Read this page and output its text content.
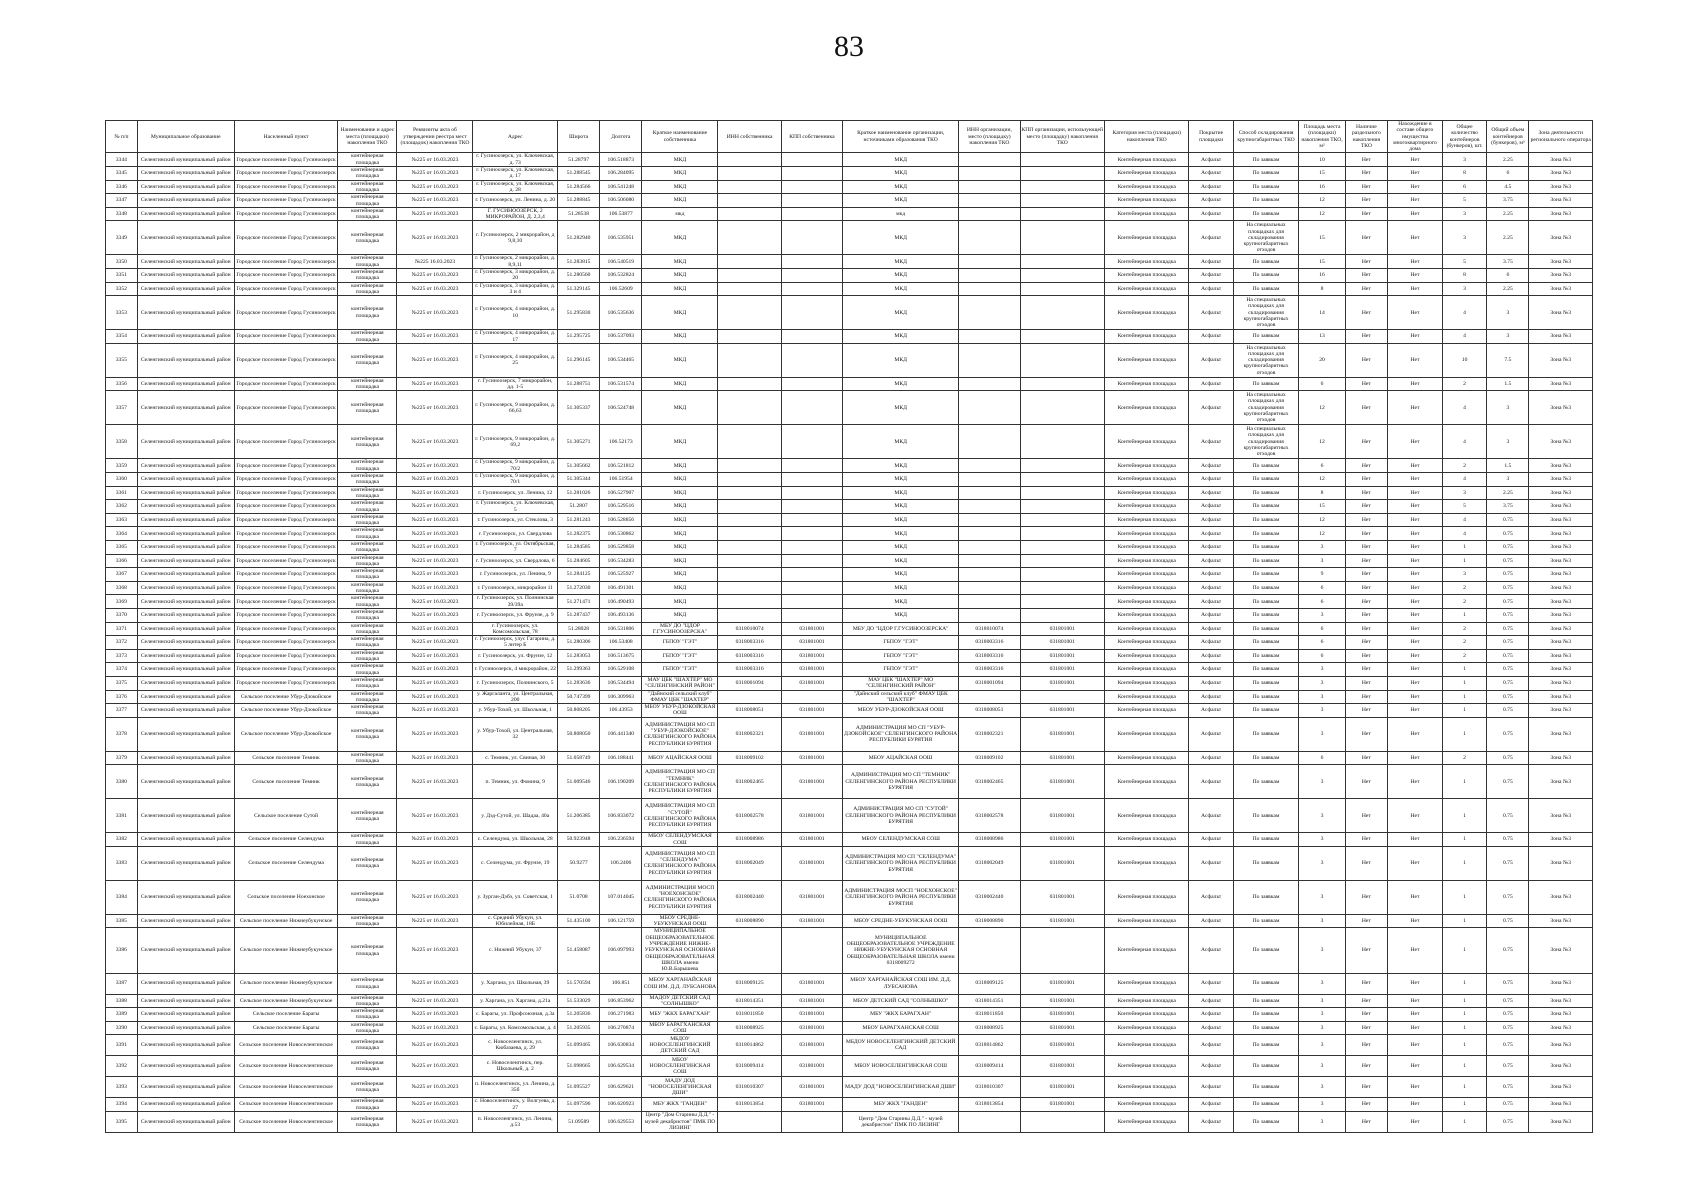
83
№ п/п	Муниципальное образование	Населенный пункт	Наименование и адрес места (площадки) накопления ТКО	Реквизиты акта об утверждении реестра мест (площадок) накопления ТКО	Адрес	Широта	Долгота	Краткое наименование собственника	ИНН собственника	КПП собственника	Краткое наименование организации, источниками образования ТКО	ИНН организации, место (площадку) накопления ТКО	КПП организации, использующей место (площадку) накопления ТКО	Категория места (площадки) накопления ТКО	Покрытие площадки	Способ складирования крупногабаритных ТКО	Площадь места (площадки) накопления ТКО, м²	Наличие раздельного накопления ТКО	Нахождение в составе общего имущества многоквартирного дома	Общее количество контейнеров (бункеров), шт.	Общий объем контейнеров (бункеров), м³	Зона деятельности регионального оператора
3344	Селенгинский муниципальный район	Городское поселение Город Гусиноозерск	контейнерная площадка	№225 от 16.03.2023	г. Гусиноозерск, ул. Ключевская, д. 73	51.28797	106.518873	МКД			МКД			Контейнерная площадка	Асфальт	По заявкам	10	Нет	Нет	3	2.25	Зона №3
3345	Селенгинский муниципальный район	Городское поселение Город Гусиноозерск	контейнерная площадка	№225 от 16.03.2023	г. Гусиноозерск, ул. Ключевская, д. 17	51.288545	106.284095	МКД			МКД			Контейнерная площадка	Асфальт	По заявкам	15	Нет	Нет	8	6	Зона №3
3346	Селенгинский муниципальный район	Городское поселение Город Гусиноозерск	контейнерная площадка	№225 от 16.03.2023	г. Гусиноозерск, ул. Ключевская, д. 28	51.284566	106.541248	МКД			МКД			Контейнерная площадка	Асфальт	По заявкам	16	Нет	Нет	6	4.5	Зона №3
3347	Селенгинский муниципальный район	Городское поселение Город Гусиноозерск	контейнерная площадка	№225 от 16.03.2023	г. Гусиноозерск, ул. Ленина, д. 20	51.288845	106.506080	МКД			МКД			Контейнерная площадка	Асфальт	По заявкам	12	Нет	Нет	5	3.75	Зона №3
3348	Селенгинский муниципальный район	Городское поселение Город Гусиноозерск	контейнерная площадка	№225 от 16.03.2023	Г. ГУСИНООЗЕРСК, 2 МИКРОРАЙОН, Д. 2,3,4	51.28538	106.53877	мкд			мкд			Контейнерная площадка	Асфальт	По заявкам	12	Нет	Нет	3	2.25	Зона №3
3349	Селенгинский муниципальный район	Городское поселение Город Гусиноозерск	контейнерная площадка	№225 от 16.03.2023	г. Гусиноозерск, 2 микрорайон, д 9,8,10	51.282940	106.535951	МКД			МКД			Контейнерная площадка	Асфальт	На специальных площадках для складирования крупногабаритных отходов	15	Нет	Нет	3	2.25	Зона №3
3350	Селенгинский муниципальный район	Городское поселение Город Гусиноозерск	контейнерная площадка	№225 16.03.2023	г. Гусиноозерск, 2 микрорайон, д. 8,9,11	51.283815	106.540519	МКД			МКД			Контейнерная площадка	Асфальт	По заявкам	15	Нет	Нет	5	3.75	Зона №3
3351	Селенгинский муниципальный район	Городское поселение Город Гусиноозерск	контейнерная площадка	№225 от 16.03.2023	г. Гусиноозерск, 3 микрорайон, д. 20	51.280560	106.532824	МКД			МКД			Контейнерная площадка	Асфальт	По заявкам	16	Нет	Нет	8	6	Зона №3
3352	Селенгинский муниципальный район	Городское поселение Город Гусиноозерск	контейнерная площадка	№225 от 16.03.2023	г. Гусиноозерск, 3 микрорайон, д. 3 и 4	51.329145	106.52609	МКД			МКД			Контейнерная площадка	Асфальт	По заявкам	8	Нет	Нет	3	2.25	Зона №3
3353	Селенгинский муниципальный район	Городское поселение Город Гусиноозерск	контейнерная площадка	№225 от 16.03.2023	г. Гусиноозерск, 4 микрорайон, д. 10	51.295830	106.535636	МКД			МКД			Контейнерная площадка	Асфальт	На специальных площадках для складирования крупногабаритных отходов	14	Нет	Нет	4	3	Зона №3
3354	Селенгинский муниципальный район	Городское поселение Город Гусиноозерск	контейнерная площадка	№225 от 16.03.2023	г. Гусиноозерск, 4 микрорайон, д. 17	51.295725	106.537093	МКД			МКД			Контейнерная площадка	Асфальт	По заявкам	13	Нет	Нет	4	3	Зона №3
3355	Селенгинский муниципальный район	Городское поселение Город Гусиноозерск	контейнерная площадка	№225 от 16.03.2023	г. Гусиноозерск, 4 микрорайон, д. 25	51.296145	106.534465	МКД			МКД			Контейнерная площадка	Асфальт	На специальных площадках для складирования крупногабаритных отходов	20	Нет	Нет	10	7.5	Зона №3
3356	Селенгинский муниципальный район	Городское поселение Город Гусиноозерск	контейнерная площадка	№225 от 16.03.2023	г. Гусиноозерск, 7 микрорайон, дд. 1-5	51.288751	106.531574	МКД			МКД			Контейнерная площадка	Асфальт	По заявкам	6	Нет	Нет	2	1.5	Зона №3
3357	Селенгинский муниципальный район	Городское поселение Город Гусиноозерск	контейнерная площадка	№225 от 16.03.2023	г. Гусиноозерск, 9 микрорайон, д. 66,63	51.305337	106.524748	МКД			МКД			Контейнерная площадка	Асфальт	На специальных площадках для складирования крупногабаритных отходов	12	Нет	Нет	4	3	Зона №3
3358	Селенгинский муниципальный район	Городское поселение Город Гусиноозерск	контейнерная площадка	№225 от 16.03.2023	г. Гусиноозерск, 9 микрорайон, д. 69,2	51.305271	106.52173	МКД			МКД			Контейнерная площадка	Асфальт	На специальных площадках для складирования крупногабаритных отходов	12	Нет	Нет	4	3	Зона №3
3359	Селенгинский муниципальный район	Городское поселение Город Гусиноозерск	контейнерная площадка	№225 от 16.03.2023	г. Гусиноозерск, 9 микрорайон, д. 70/2	51.305662	106.521812	МКД			МКД			Контейнерная площадка	Асфальт	По заявкам	6	Нет	Нет	2	1.5	Зона №3
3360	Селенгинский муниципальный район	Городское поселение Город Гусиноозерск	контейнерная площадка	№225 от 16.03.2023	г. Гусиноозерск, 9 микрорайон, д. 70/1	51.305344	106.51954	МКД			МКД			Контейнерная площадка	Асфальт	По заявкам	12	Нет	Нет	4	3	Зона №3
3361	Селенгинский муниципальный район	Городское поселение Город Гусиноозерск	контейнерная площадка	№225 от 16.03.2023	г. Гусиноозерск, ул. Ленина, 12	51.281026	106.527907	МКД			МКД			Контейнерная площадка	Асфальт	По заявкам	8	Нет	Нет	3	2.25	Зона №3
3362	Селенгинский муниципальный район	Городское поселение Город Гусиноозерск	контейнерная площадка	№225 от 16.03.2023	г. Гусиноозерск, ул. Ключевская, 5	51.2807	106.529516	МКД			МКД			Контейнерная площадка	Асфальт	По заявкам	15	Нет	Нет	5	3.75	Зона №3
3363	Селенгинский муниципальный район	Городское поселение Город Гусиноозерск	контейнерная площадка	№225 от 16.03.2023	г. Гусиноозерск, ул. Стеклова, 3	51.281243	106.528856	МКД			МКД			Контейнерная площадка	Асфальт	По заявкам	12	Нет	Нет	4	0.75	Зона №3
3364	Селенгинский муниципальный район	Городское поселение Город Гусиноозерск	контейнерная площадка	№225 от 16.03.2023	г. Гусиноозерск, ул. Свердлова	51.282375	106.530862	МКД			МКД			Контейнерная площадка	Асфальт	По заявкам	12	Нет	Нет	4	0.75	Зона №3
3365	Селенгинский муниципальный район	Городское поселение Город Гусиноозерск	контейнерная площадка	№225 от 16.03.2023	г. Гусиноозерск, ул. Октябрьская, 7	51.284585	106.529858	МКД			МКД			Контейнерная площадка	Асфальт	По заявкам	3	Нет	Нет	1	0.75	Зона №3
3366	Селенгинский муниципальный район	Городское поселение Город Гусиноозерск	контейнерная площадка	№225 от 16.03.2023	г. Гусиноозерск, ул. Свердлова, 6	51.284605	106.534283	МКД			МКД			Контейнерная площадка	Асфальт	По заявкам	3	Нет	Нет	1	0.75	Зона №3
3367	Селенгинский муниципальный район	Городское поселение Город Гусиноозерск	контейнерная площадка	№225 от 16.03.2023	г. Гусиноозерск, ул. Ленина, 9	51.284125	106.525927	МКД			МКД			Контейнерная площадка	Асфальт	По заявкам	9	Нет	Нет	3	0.75	Зона №3
3368	Селенгинский муниципальный район	Городское поселение Город Гусиноозерск	контейнерная площадка	№225 от 16.03.2023	г. Гусиноозерск, микрорайон 11	51.272030	106.491301	МКД			МКД			Контейнерная площадка	Асфальт	По заявкам	6	Нет	Нет	2	0.75	Зона №3
3369	Селенгинский муниципальный район	Городское поселение Город Гусиноозерск	контейнерная площадка	№225 от 16.03.2023	г. Гусиноозерск, ул. Полнинская 39/39а	51.271471	106.490493	МКД			МКД			Контейнерная площадка	Асфальт	По заявкам	6	Нет	Нет	2	0.75	Зона №3
3370	Селенгинский муниципальный район	Городское поселение Город Гусиноозерск	контейнерная площадка	№225 от 16.03.2023	г. Гусиноозерск, ул. Фрунзе, д. 9	51.287437	106.493136	МКД			МКД			Контейнерная площадка	Асфальт	По заявкам	3	Нет	Нет	1	0.75	Зона №3
3371	Селенгинский муниципальный район	Городское поселение Город Гусиноозерск	контейнерная площадка	№225 от 16.03.2023	г. Гусиноозерск, ул. Комсомольская, 78	51.28028	106.531806	МБУ ДО "ЦДОР Г.ГУСИНООЗЕРСКА"	0318010074	031801001	МБУ ДО "ЦДОР Г.ГУСИНООЗЕРСКА"	0318010074	031801001	Контейнерная площадка	Асфальт	По заявкам	6	Нет	Нет	2	0.75	Зона №3
3372	Селенгинский муниципальный район	Городское поселение Город Гусиноозерск	контейнерная площадка	№225 от 16.03.2023	г. Гусиноозерск, улус Гагарина, д. 5 литер Б	51.280306	106.53408	ГБПОУ "ГЭТ"	0318003316	031801001	ГБПОУ "ГЭТ"	0318003316	031801001	Контейнерная площадка	Асфальт	По заявкам	6	Нет	Нет	2	0.75	Зона №3
3373	Селенгинский муниципальный район	Городское поселение Город Гусиноозерск	контейнерная площадка	№225 от 16.03.2023	г. Гусиноозерск, ул. Фрунзе, 12	51.283053	106.513675	ГБПОУ "ГЭТ"	0318003316	031801001	ГБПОУ "ГЭТ"	0318003316	031801001	Контейнерная площадка	Асфальт	По заявкам	6	Нет	Нет	2	0.75	Зона №3
3374	Селенгинский муниципальный район	Городское поселение Город Гусиноозерск	контейнерная площадка	№225 от 16.03.2023	г. Гусиноозерск, 4 микрорайон, 22	51.299363	106.529108	ГБПОУ "ГЭТ"	0318003316	031801001	ГБПОУ "ГЭТ"	0318003316	031801001	Контейнерная площадка	Асфальт	По заявкам	3	Нет	Нет	1	0.75	Зона №3
3375	Селенгинский муниципальный район	Городское поселение Город Гусиноозерск	контейнерная площадка	№225 от 16.03.2023	г. Гусиноозерск, Полнинского, 5	51.283636	106.534494	МАУ ЦБК "ШАХТЕР" МО "СЕЛЕНГИНСКИЙ РАЙОН"	0318001094	031801001	МАУ ЦБК "ШАХТЕР" МО "СЕЛЕНГИНСКИЙ РАЙОН"	0318001094	031801001	Контейнерная площадка	Асфальт	По заявкам	3	Нет	Нет	1	0.75	Зона №3
3376	Селенгинский муниципальный район	Сельское поселение Убур-Дзокойское	контейнерная площадка	№225 от 16.03.2023	у. Жаргаланта, ул. Центральная, 200	50.747399	106.309963	"Дайнский сельский клуб" ФМАУ ЦБК "ШАХТЕР"			"Дайнский сельский клуб" ФМАУ ЦБК "ШАХТЕР"			Контейнерная площадка	Асфальт	По заявкам	3	Нет	Нет	1	0.75	Зона №3
3377	Селенгинский муниципальный район	Сельское поселение Убур-Дзокойское	контейнерная площадка	№225 от 16.03.2023	у. Убур-Тохой, ул. Школьная, 1	50.808205	106.43953	МБОУ УБУР-ДЗОКОЙСКАЯ ООШ	0318008051	031801001	МБОУ УБУР-ДЗОКОЙСКАЯ ООШ	0318008051	031801001	Контейнерная площадка	Асфальт	По заявкам	3	Нет	Нет	1	0.75	Зона №3
3378	Селенгинский муниципальный район	Сельское поселение Убур-Дзокойское	контейнерная площадка	№225 от 16.03.2023	у. Убур-Тохой, ул. Центральная, 32	50.808050	106.441340	АДМИНИСТРАЦИЯ МО СП "УБУР-ДЗОКОЙСКОЕ" СЕЛЕНГИНСКОГО РАЙОНА РЕСПУБЛИКИ БУРЯТИЯ	0318002321	031801001	АДМИНИСТРАЦИЯ МО СП "УБУР-ДЗОКОЙСКОЕ" СЕЛЕНГИНСКОГО РАЙОНА РЕСПУБЛИКИ БУРЯТИЯ	0318002321	031801001	Контейнерная площадка	Асфальт	По заявкам	3	Нет	Нет	1	0.75	Зона №3
3379	Селенгинский муниципальный район	Сельское поселение Темник	контейнерная площадка	№225 от 16.03.2023	с. Темник, ул. Свиная, 30	51.058749	106.188441	МБОУ АЦАЙСКАЯ ООШ	0318009102	031801001	МБОУ АЦАЙСКАЯ ООШ	0318009102	031801001	Контейнерная площадка	Асфальт	По заявкам	6	Нет	Нет	2	0.75	Зона №3
3380	Селенгинский муниципальный район	Сельское поселение Темник	контейнерная площадка	№225 от 16.03.2023	п. Темник, ул. Фомина, 9	51.009546	106.190209	АДМИНИСТРАЦИЯ МО СП "ТЕМНИК" СЕЛЕНГИНСКОГО РАЙОНА РЕСПУБЛИКИ БУРЯТИЯ	0318002465	031801001	АДМИНИСТРАЦИЯ МО СП "ТЕМНИК" СЕЛЕНГИНСКОГО РАЙОНА РЕСПУБЛИКИ БУРЯТИЯ	0318002465	031801001	Контейнерная площадка	Асфальт	По заявкам	3	Нет	Нет	1	0.75	Зона №3
3381	Селенгинский муниципальный район	Сельское поселение Сутой	контейнерная площадка	№225 от 16.03.2023	у. Дэд-Сутой, ул. Шадаа, 40а	51.206385	106.833072	АДМИНИСТРАЦИЯ МО СП "СУТОЙ" СЕЛЕНГИНСКОГО РАЙОНА РЕСПУБЛИКИ БУРЯТИЯ	0318002578	031801001	АДМИНИСТРАЦИЯ МО СП "СУТОЙ" СЕЛЕНГИНСКОГО РАЙОНА РЕСПУБЛИКИ БУРЯТИЯ	0318002578	031801001	Контейнерная площадка	Асфальт	По заявкам	3	Нет	Нет	1	0.75	Зона №3
3382	Селенгинский муниципальный район	Сельское поселение Селендума	контейнерная площадка	№225 от 16.03.2023	с. Селендума, ул. Школьная, 28	50.923948	106.236594	МБОУ СЕЛЕНДУМСКАЯ СОШ	0318008986	031801001	МБОУ СЕЛЕНДУМСКАЯ СОШ	0318008986	031801001	Контейнерная площадка	Асфальт	По заявкам	3	Нет	Нет	1	0.75	Зона №3
3383	Селенгинский муниципальный район	Сельское поселение Селендума	контейнерная площадка	№225 от 16.03.2023	с. Селендума, ул. Фрунзе, 19	50.9277	106.2406	АДМИНИСТРАЦИЯ МО СП "СЕЛЕНДУМА" СЕЛЕНГИНСКОГО РАЙОНА РЕСПУБЛИКИ БУРЯТИЯ	0318002049	031801001	АДМИНИСТРАЦИЯ МО СП "СЕЛЕНДУМА" СЕЛЕНГИНСКОГО РАЙОНА РЕСПУБЛИКИ БУРЯТИЯ	0318002049	031801001	Контейнерная площадка	Асфальт	По заявкам	3	Нет	Нет	1	0.75	Зона №3
3384	Селенгинский муниципальный район	Сельское поселение Ноехонское	контейнерная площадка	№225 от 16.03.2023	у. Зурган-Дэбэ, ул. Советская, 1	51.0708	107.014045	АДМИНИСТРАЦИЯ МОСП "НОЕХОНСКОЕ" СЕЛЕНГИНСКОГО РАЙОНА РЕСПУБЛИКИ БУРЯТИЯ	0318002440	031801001	АДМИНИСТРАЦИЯ МОСП "НОЕХОНСКОЕ" СЕЛЕНГИНСКОГО РАЙОНА РЕСПУБЛИКИ БУРЯТИЯ	0318002440	031801001	Контейнерная площадка	Асфальт	По заявкам	3	Нет	Нет	1	0.75	Зона №3
3385	Селенгинский муниципальный район	Сельское поселение Нижнеубукунское	контейнерная площадка	№225 от 16.03.2023	с. Средний Убукун, ул. Юбилейная, 18Б	51.435100	106.121759	МБОУ СРЕДНЕ-УБУКУНСКАЯ ООШ	0318008890	031801001	МБОУ СРЕДНЕ-УБУКУНСКАЯ ООШ	0318008890	031801001	Контейнерная площадка	Асфальт	По заявкам	3	Нет	Нет	1	0.75	Зона №3
3386	Селенгинский муниципальный район	Сельское поселение Нижнеубукунское	контейнерная площадка	№225 от 16.03.2023	с. Нижний Убукун, 37	51.458087	106.097993	МУНИЦИПАЛЬНОЕ ОБЩЕОБРАЗОВАТЕЛЬНОЕ УЧРЕЖДЕНИЕ НИЖНЕ-УБУКУНСКАЯ ОСНОВНАЯ ОБЩЕОБРАЗОВАТЕЛЬНАЯ ШКОЛА имени Ю.В.Барышева			МУНИЦИПАЛЬНОЕ ОБЩЕОБРАЗОВАТЕЛЬНОЕ УЧРЕЖДЕНИЕ НИЖНЕ-УБУКУНСКАЯ ОСНОВНАЯ ОБЩЕОБРАЗОВАТЕЛЬНАЯ ШКОЛА имени 0318009272			Контейнерная площадка	Асфальт	По заявкам	3	Нет	Нет	1	0.75	Зона №3
3387	Селенгинский муниципальный район	Сельское поселение Нижнеубукунское	контейнерная площадка	№225 от 16.03.2023	у. Харгана, ул. Школьная, 39	51.570594	106.851	МБОУ ХАРГАНАЙСКАЯ СОШ ИМ. Д.Д. ЛУБСАНОВА	0318009125	031801001	МБОУ ХАРГАНАЙСКАЯ СОШ ИМ. Д.Д. ЛУБСАНОВА	0318009125	031801001	Контейнерная площадка	Асфальт	По заявкам	3	Нет	Нет	1	0.75	Зона №3
3388	Селенгинский муниципальный район	Сельское поселение Нижнеубукунское	контейнерная площадка	№225 от 16.03.2023	у. Харгана, ул. Харгана, д.21а	51.533029	106.853962	МАДОУ ДЕТСКИЙ САД "СОЛНЫШКО"	0318014351	031801001	МБОУ ДЕТСКИЙ САД "СОЛНЫШКО"	0318014351	031801001	Контейнерная площадка	Асфальт	По заявкам	3	Нет	Нет	1	0.75	Зона №3
3389	Селенгинский муниципальный район	Сельское поселение Барагы	контейнерная площадка	№225 от 16.03.2023	с. Барагы, ул. Профсоюзная, д.3а	51.205836	106.271983	МБУ "ЖКХ БАРАГХАН"	0318011850	031801001	МБУ "ЖКХ БАРАГХАН"	0318011850	031801001	Контейнерная площадка	Асфальт	По заявкам	3	Нет	Нет	1	0.75	Зона №3
3390	Селенгинский муниципальный район	Сельское поселение Барагы	контейнерная площадка	№225 от 16.03.2023	с. Барагы, ул. Комсомольская, д. 4	51.205935	106.270874	МБОУ БАРАГХАНСКАЯ СОШ	0318008925	031801001	МБОУ БАРАГХАНСКАЯ СОШ	0318008925	031801001	Контейнерная площадка	Асфальт	По заявкам	3	Нет	Нет	1	0.75	Зона №3
3391	Селенгинский муниципальный район	Сельское поселение Новоселенгинское	контейнерная площадка	№225 от 16.03.2023	с. Новоселенгинск, ул. Кюбазаева, д. 29	51.099465	106.630834	МБДОУ НОВОСЕЛЕНГИНСКИЙ ДЕТСКИЙ САД	0318014862	031801001	МБДОУ НОВОСЕЛЕНГИНСКИЙ ДЕТСКИЙ САД	0318014862	031801001	Контейнерная площадка	Асфальт	По заявкам	3	Нет	Нет	1	0.75	Зона №3
3392	Селенгинский муниципальный район	Сельское поселение Новоселенгинское	контейнерная площадка	№225 от 16.03.2023	с. Новоселенгинск, пер. Школьный, д. 2	51.098665	106.629534	МБОУ НОВОСЕЛЕНГИНСКАЯ СОШ	0318009414	031801001	МБОУ НОВОСЕЛЕНГИНСКАЯ СОШ	0318009414	031801001	Контейнерная площадка	Асфальт	По заявкам	3	Нет	Нет	1	0.75	Зона №3
3393	Селенгинский муниципальный район	Сельское поселение Новоселенгинское	контейнерная площадка	№225 от 16.03.2023	п. Новоселенгинск, ул. Ленина, д. 35б	51.095527	106.629621	МАДУ ДОД "НОВОСЕЛЕНГИНСКАЯ ДШИ"	0318010307	031801001	МАДУ ДОД "НОВОСЕЛЕНГИНСКАЯ ДШИ"	0318010307	031801001	Контейнерная площадка	Асфальт	По заявкам	3	Нет	Нет	1	0.75	Зона №3
3394	Селенгинский муниципальный район	Сельское поселение Новоселенгинское	контейнерная площадка	№225 от 16.03.2023	с. Новоселенгинск, у. Волгуева, д. 27	51.097596	106.620923	МБУ ЖКХ "ГАНДЕН"	0318013854	031801001	МБУ ЖКХ "ГАНДЕН"	0318013854	031801001	Контейнерная площадка	Асфальт	По заявкам	3	Нет	Нет	1	0.75	Зона №3
3395	Селенгинский муниципальный район	Сельское поселение Новоселенгинское	контейнерная площадка	№225 от 16.03.2023	п. Новоселенгинск, ул. Ленина, д.53	51.09589	106.629553	Центр "Дом Старины Д.Д." - музей декабристов" ПМК ПО ЛИЗИНГ			Центр "Дом Старины Д.Д." - музей декабристов" ПМК ПО ЛИЗИНГ			Контейнерная площадка	Асфальт	По заявкам	3	Нет	Нет	1	0.75	Зона №3
